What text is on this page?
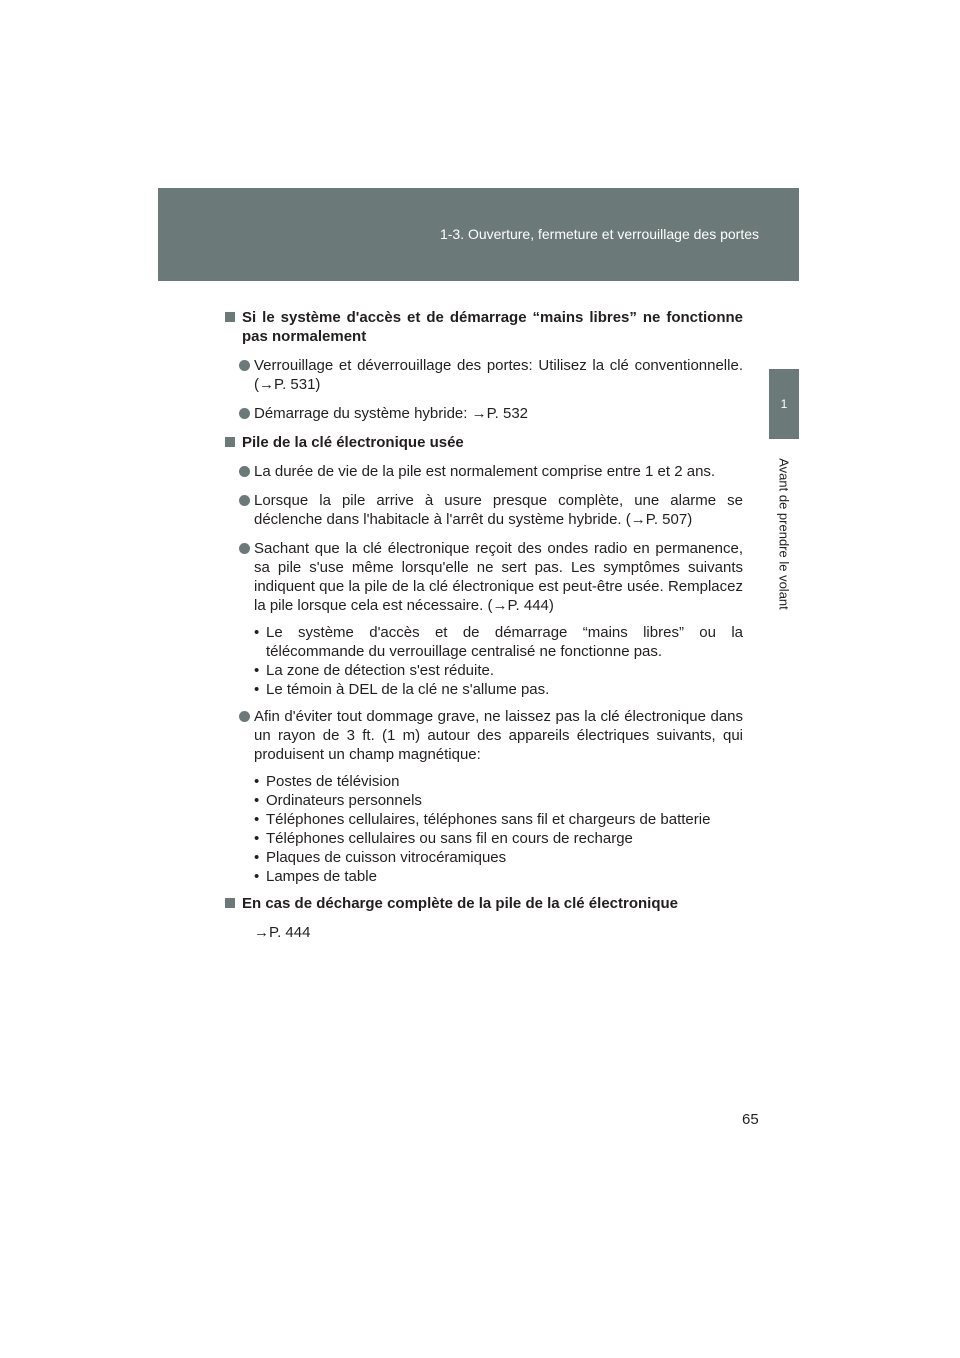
1-3. Ouverture, fermeture et verrouillage des portes
1
Avant de prendre le volant
Si le système d'accès et de démarrage “mains libres” ne fonctionne pas normalement
Verrouillage et déverrouillage des portes: Utilisez la clé conventionnelle. (→P. 531)
Démarrage du système hybride: →P. 532
Pile de la clé électronique usée
La durée de vie de la pile est normalement comprise entre 1 et 2 ans.
Lorsque la pile arrive à usure presque complète, une alarme se déclenche dans l'habitacle à l'arrêt du système hybride. (→P. 507)
Sachant que la clé électronique reçoit des ondes radio en permanence, sa pile s'use même lorsqu'elle ne sert pas. Les symptômes suivants indiquent que la pile de la clé électronique est peut-être usée. Remplacez la pile lorsque cela est nécessaire. (→P. 444)
• Le système d'accès et de démarrage “mains libres” ou la télécommande du verrouillage centralisé ne fonctionne pas.
• La zone de détection s'est réduite.
• Le témoin à DEL de la clé ne s'allume pas.
Afin d'éviter tout dommage grave, ne laissez pas la clé électronique dans un rayon de 3 ft. (1 m) autour des appareils électriques suivants, qui produisent un champ magnétique:
• Postes de télévision
• Ordinateurs personnels
• Téléphones cellulaires, téléphones sans fil et chargeurs de batterie
• Téléphones cellulaires ou sans fil en cours de recharge
• Plaques de cuisson vitrocéramiques
• Lampes de table
En cas de décharge complète de la pile de la clé électronique
→P. 444
65
